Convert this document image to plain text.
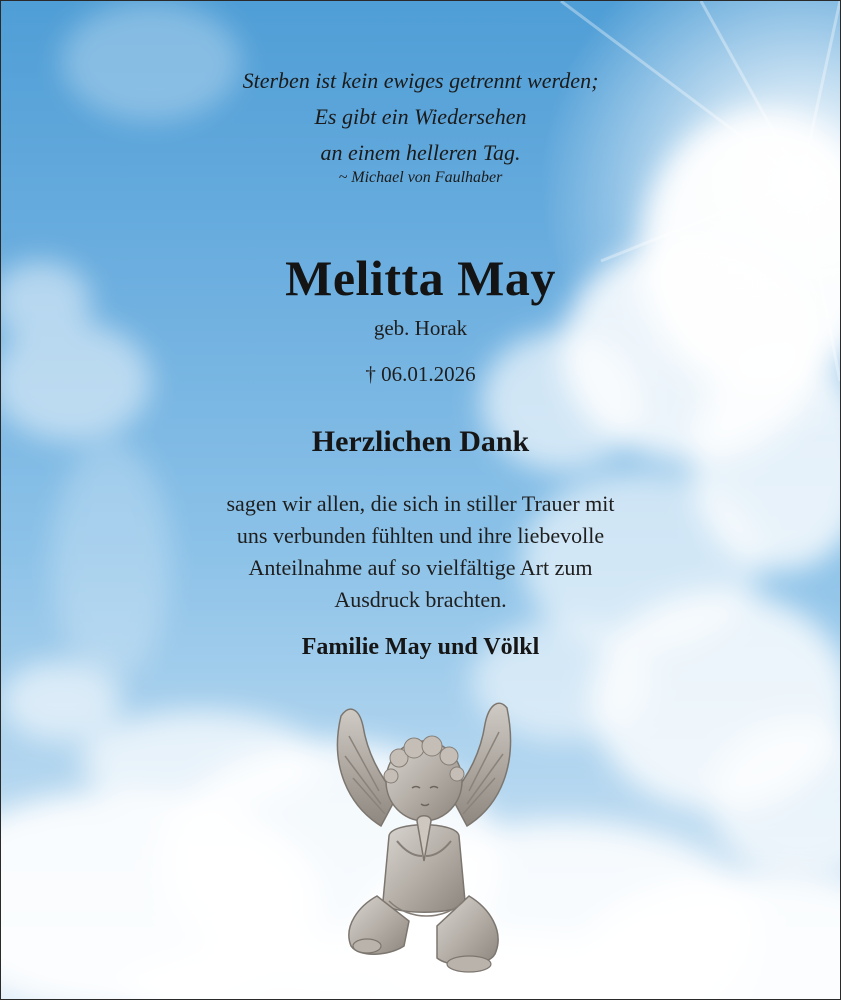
Sterben ist kein ewiges getrennt werden;
Es gibt ein Wiedersehen
an einem helleren Tag.
~ Michael von Faulhaber
Melitta May
geb. Horak
† 06.01.2026
Herzlichen Dank
sagen wir allen, die sich in stiller Trauer mit
uns verbunden fühlten und ihre liebevolle
Anteilnahme auf so vielfältige Art zum
Ausdruck brachten.
Familie May und Völkl
